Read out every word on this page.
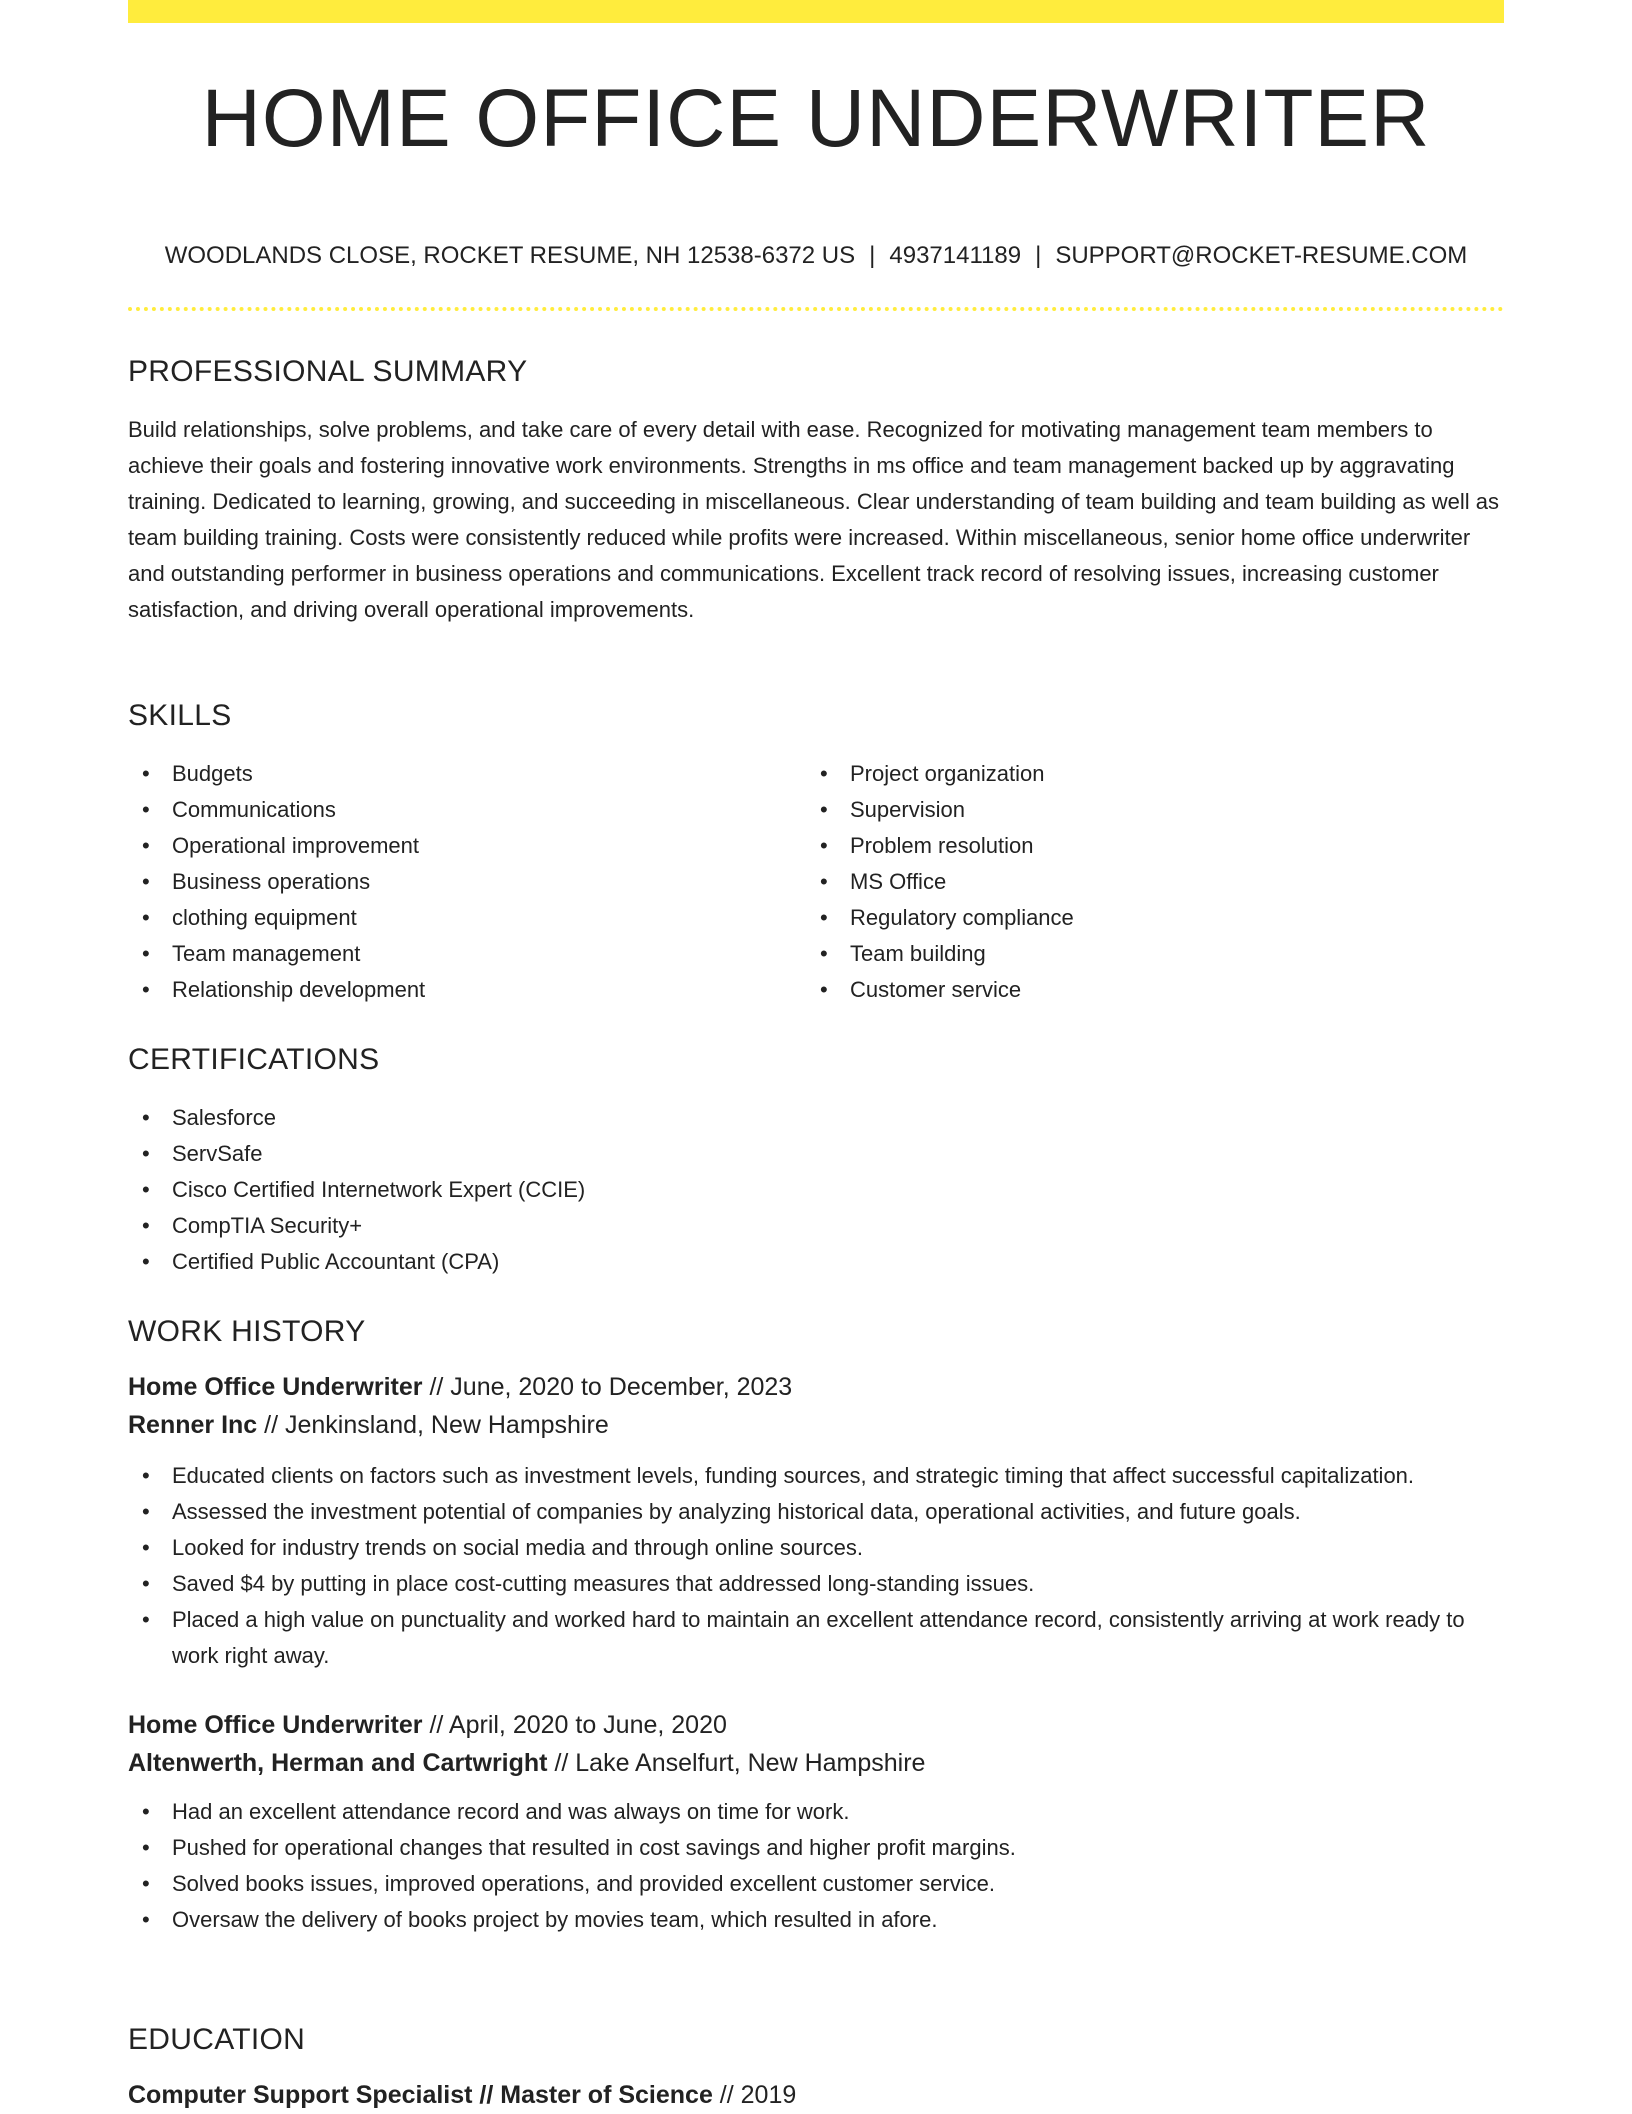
HOME OFFICE UNDERWRITER
WOODLANDS CLOSE, ROCKET RESUME, NH 12538-6372 US | 4937141189 | SUPPORT@ROCKET-RESUME.COM
PROFESSIONAL SUMMARY

Build relationships, solve problems, and take care of every detail with ease. Recognized for motivating management team members to achieve their goals and fostering innovative work environments. Strengths in ms office and team management backed up by aggravating training. Dedicated to learning, growing, and succeeding in miscellaneous. Clear understanding of team building and team building as well as team building training. Costs were consistently reduced while profits were increased. Within miscellaneous, senior home office underwriter and outstanding performer in business operations and communications. Excellent track record of resolving issues, increasing customer satisfaction, and driving overall operational improvements.

SKILLS
• Budgets
• Communications
• Operational improvement
• Business operations
• clothing equipment
• Team management
• Relationship development
• Project organization
• Supervision
• Problem resolution
• MS Office
• Regulatory compliance
• Team building
• Customer service
CERTIFICATIONS
• Salesforce
• ServSafe
• Cisco Certified Internetwork Expert (CCIE)
• CompTIA Security+
• Certified Public Accountant (CPA)
WORK HISTORY

Home Office Underwriter // June, 2020 to December, 2023

Renner Inc // Jenkinsland, New Hampshire

• Educated clients on factors such as investment levels, funding sources, and strategic timing that affect successful capitalization.
• Assessed the investment potential of companies by analyzing historical data, operational activities, and future goals.
• Looked for industry trends on social media and through online sources.
• Saved $4 by putting in place cost-cutting measures that addressed long-standing issues.
• Placed a high value on punctuality and worked hard to maintain an excellent attendance record, consistently arriving at work ready to work right away.

Home Office Underwriter // April, 2020 to June, 2020

Altenwerth, Herman and Cartwright // Lake Anselfurt, New Hampshire

• Had an excellent attendance record and was always on time for work.
• Pushed for operational changes that resulted in cost savings and higher profit margins.
• Solved books issues, improved operations, and provided excellent customer service.
• Oversaw the delivery of books project by movies team, which resulted in afore.
EDUCATION

Computer Support Specialist // Master of Science // 2019
